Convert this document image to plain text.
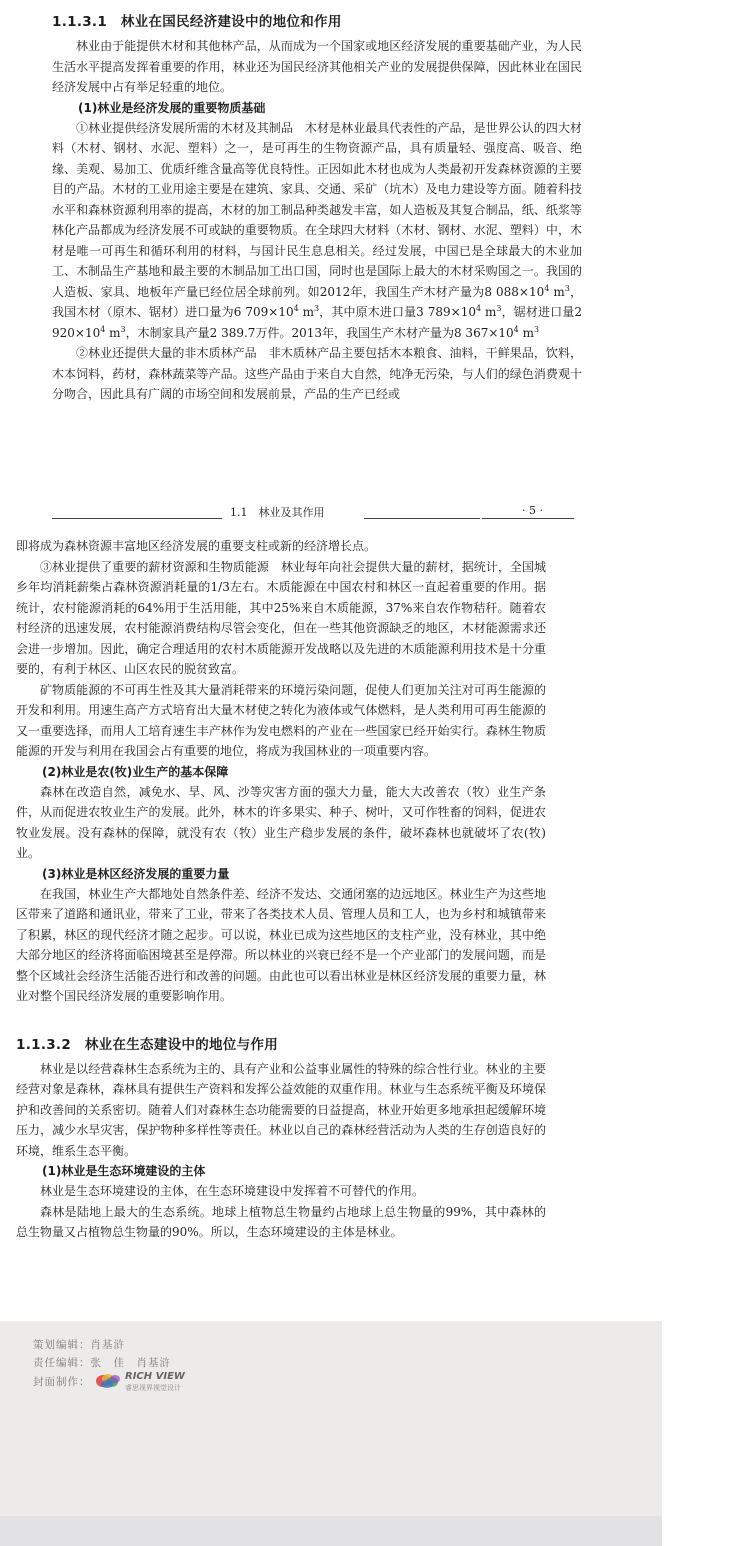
1.1.3.1　林业在国民经济建设中的地位和作用

林业由于能提供木材和其他林产品，从而成为一个国家或地区经济发展的重要基础产业，为人民生活水平提高发挥着重要的作用，林业还为国民经济其他相关产业的发展提供保障，因此林业在国民经济发展中占有举足轻重的地位。

(1)林业是经济发展的重要物质基础

①林业提供经济发展所需的木材及其制品　木材是林业最具代表性的产品，是世界公认的四大材料（木材、钢材、水泥、塑料）之一，是可再生的生物资源产品，具有质量轻、强度高、吸音、绝缘、美观、易加工、优质纤维含量高等优良特性。正因如此木材也成为人类最初开发森林资源的主要目的产品。木材的工业用途主要是在建筑、家具、交通、采矿（坑木）及电力建设等方面。随着科技水平和森林资源利用率的提高，木材的加工制品种类越发丰富，如人造板及其复合制品，纸、纸浆等林化产品都成为经济发展不可或缺的重要物质。在全球四大材料（木材、钢材、水泥、塑料）中，木材是唯一可再生和循环利用的材料，与国计民生息息相关。经过发展，中国已是全球最大的木业加工、木制品生产基地和最主要的木制品加工出口国，同时也是国际上最大的木材采购国之一。我国的人造板、家具、地板年产量已经位居全球前列。如2012年，我国生产木材产量为8 $088\times 10^4$ $m^3$，我国木材（原木、锯材）进口量为6 $709\times 10^4$ $m^3$，其中原木进口量3 $789\times 10^4$ $m^3$，锯材进口量2 $920\times 10^4$ $m^3$，木制家具产量2 389.7万件。2013年，我国生产木材产量为8 $367\times 10^4$ $m^3$

②林业还提供大量的非木质林产品　非木质林产品主要包括木本粮食、油料，干鲜果品，饮料，木本饲料，药材，森林蔬菜等产品。这些产品由于来自大自然，纯净无污染，与人们的绿色消费观十分吻合，因此具有广阔的市场空间和发展前景，产品的生产已经或

1.1　林业及其作用	· 5 ·

即将成为森林资源丰富地区经济发展的重要支柱或新的经济增长点。

③林业提供了重要的薪材资源和生物质能源　林业每年向社会提供大量的薪材，据统计，全国城乡年均消耗薪柴占森林资源消耗量的1/3左右。木质能源在中国农村和林区一直起着重要的作用。据统计，农村能源消耗的64%用于生活用能，其中25%来自木质能源，37%来自农作物秸秆。随着农村经济的迅速发展，农村能源消费结构尽管会变化，但在一些其他资源缺乏的地区，木材能源需求还会进一步增加。因此，确定合理适用的农村木质能源开发战略以及先进的木质能源利用技术是十分重要的，有利于林区、山区农民的脱贫致富。

矿物质能源的不可再生性及其大量消耗带来的环境污染问题，促使人们更加关注对可再生能源的开发和利用。用速生高产方式培育出大量木材使之转化为液体或气体燃料，是人类利用可再生能源的又一重要选择，而用人工培育速生丰产林作为发电燃料的产业在一些国家已经开始实行。森林生物质能源的开发与利用在我国会占有重要的地位，将成为我国林业的一项重要内容。

(2)林业是农(牧)业生产的基本保障

森林在改造自然，减免水、旱、风、沙等灾害方面的强大力量，能大大改善农（牧）业生产条件，从而促进农牧业生产的发展。此外，林木的许多果实、种子、树叶，又可作牲畜的饲料，促进农牧业发展。没有森林的保障，就没有农（牧）业生产稳步发展的条件，破坏森林也就破坏了农(牧)业。

(3)林业是林区经济发展的重要力量

在我国，林业生产大都地处自然条件差、经济不发达、交通闭塞的边远地区。林业生产为这些地区带来了道路和通讯业，带来了工业，带来了各类技术人员、管理人员和工人，也为乡村和城镇带来了积累，林区的现代经济才随之起步。可以说，林业已成为这些地区的支柱产业，没有林业，其中绝大部分地区的经济将面临困境甚至是停滞。所以林业的兴衰已经不是一个产业部门的发展问题，而是整个区域社会经济生活能否进行和改善的问题。由此也可以看出林业是林区经济发展的重要力量，林业对整个国民经济发展的重要影响作用。

1.1.3.2　林业在生态建设中的地位与作用

林业是以经营森林生态系统为主的、具有产业和公益事业属性的特殊的综合性行业。林业的主要经营对象是森林，森林具有提供生产资料和发挥公益效能的双重作用。林业与生态系统平衡及环境保护和改善间的关系密切。随着人们对森林生态功能需要的日益提高，林业开始更多地承担起缓解环境压力，减少水旱灾害，保护物种多样性等责任。林业以自己的森林经营活动为人类的生存创造良好的环境，维系生态平衡。

(1)林业是生态环境建设的主体

林业是生态环境建设的主体，在生态环境建设中发挥着不可替代的作用。

森林是陆地上最大的生态系统。地球上植物总生物量约占地球上总生物量的99%，其中森林的总生物量又占植物总生物量的90%。所以，生态环境建设的主体是林业。

策划编辑：肖基浒
责任编辑：张　佳　肖基浒
封面制作：	RICH VIEW
睿思视界视觉设计
